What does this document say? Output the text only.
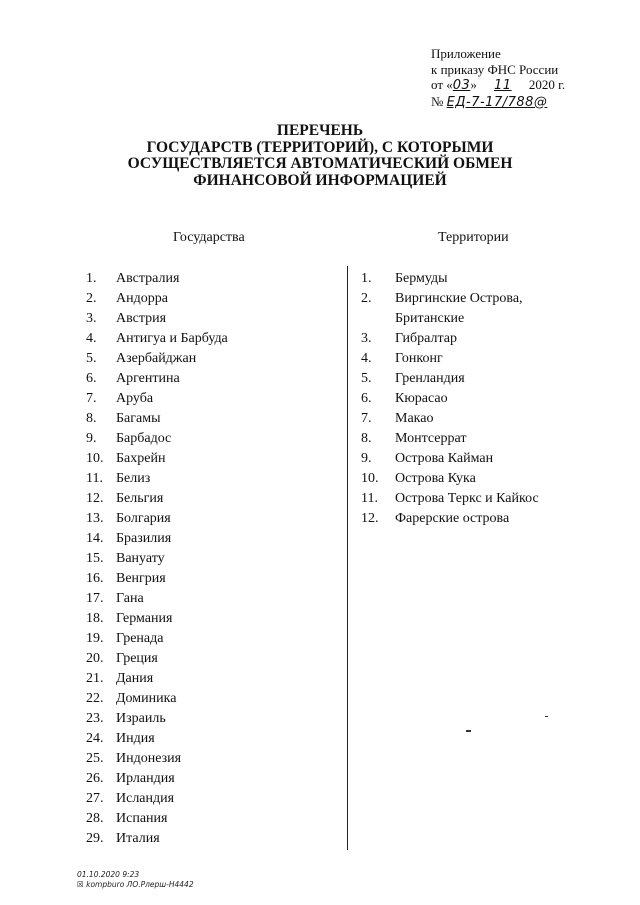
Приложение
к приказу ФНС России
от «03» 11 2020 г.
№ ЕД-7-17/788@
ПЕРЕЧЕНЬ
ГОСУДАРСТВ (ТЕРРИТОРИЙ), С КОТОРЫМИ
ОСУЩЕСТВЛЯЕТСЯ АВТОМАТИЧЕСКИЙ ОБМЕН
ФИНАНСОВОЙ ИНФОРМАЦИЕЙ
Государства	Территории
1. Австралия
2. Андорра
3. Австрия
4. Антигуа и Барбуда
5. Азербайджан
6. Аргентина
7. Аруба
8. Багамы
9. Барбадос
10. Бахрейн
11. Белиз
12. Бельгия
13. Болгария
14. Бразилия
15. Вануату
16. Венгрия
17. Гана
18. Германия
19. Гренада
20. Греция
21. Дания
22. Доминика
23. Израиль
24. Индия
25. Индонезия
26. Ирландия
27. Исландия
28. Испания
29. Италия
1. Бермуды
2. Виргинские Острова, Британские
3. Гибралтар
4. Гонконг
5. Гренландия
6. Кюрасао
7. Макао
8. Монтсеррат
9. Острова Кайман
10. Острова Кука
11. Острова Теркс и Кайкос
12. Фарерские острова
01.10.2020 9:23
☒ kompburo ЛО.Рлерш-Н4442
